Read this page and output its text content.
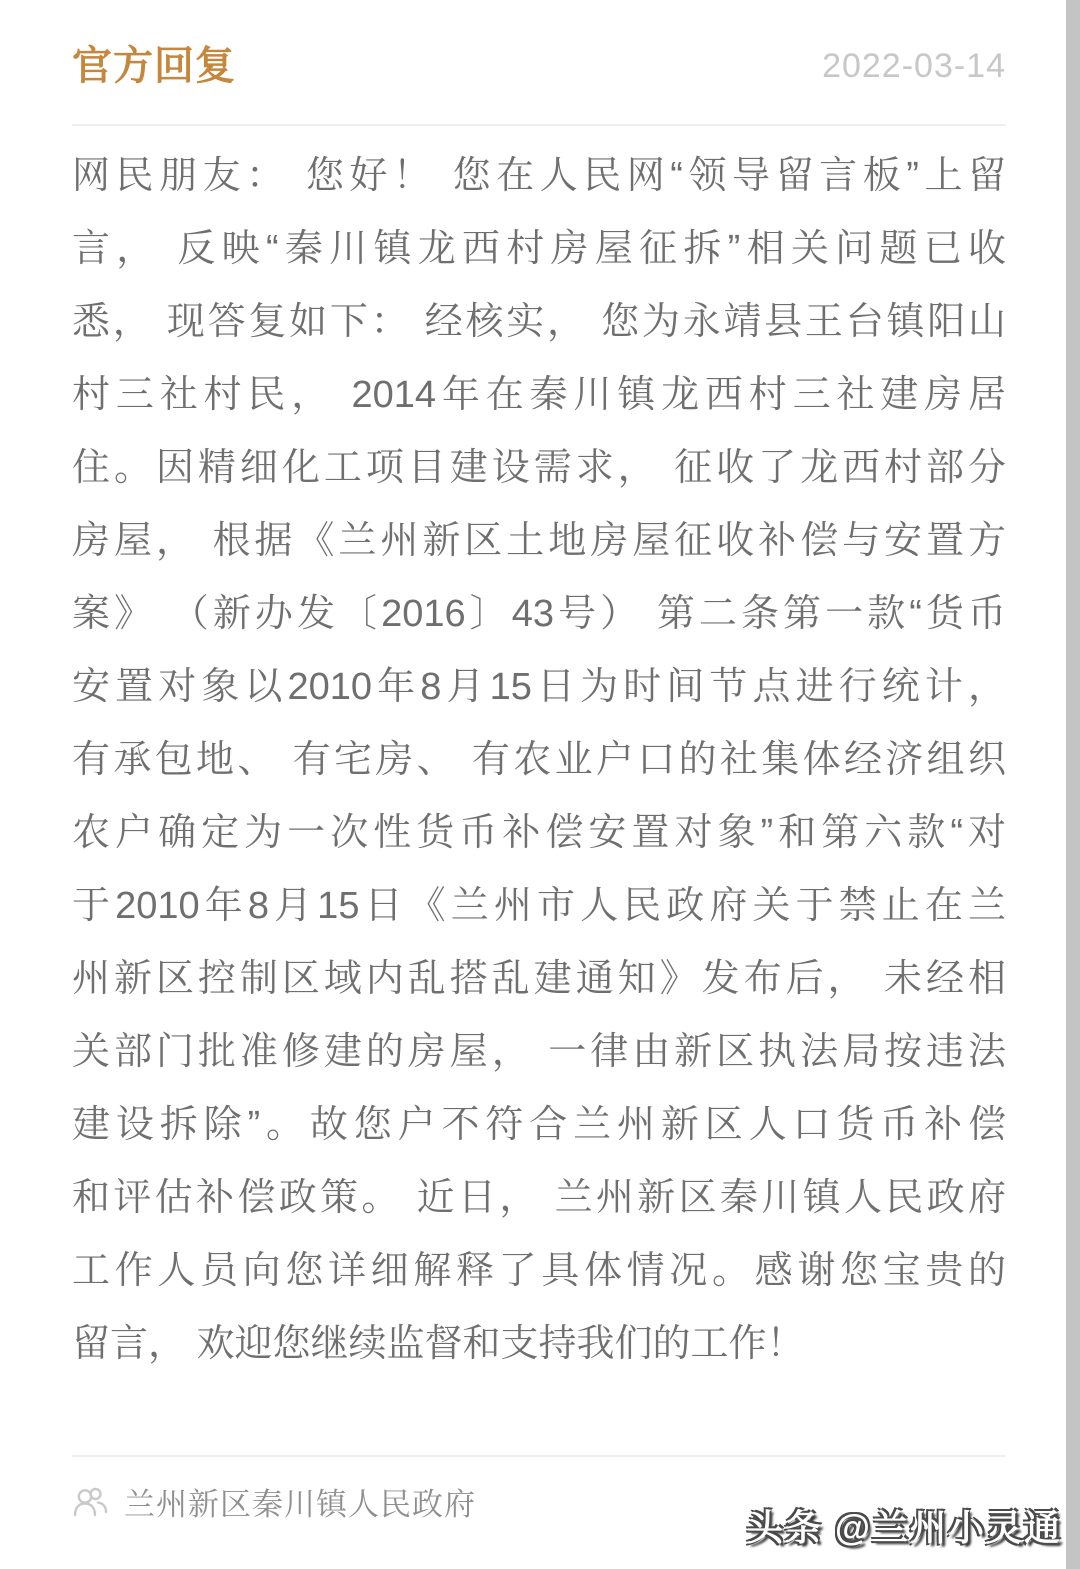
官方回复	2022-03-14
网民朋友： 您好！ 您在人民网“领导留言板”上留
言， 反映“秦川镇龙西村房屋征拆”相关问题已收
悉， 现答复如下： 经核实， 您为永靖县王台镇阳山
村三社村民， 2014年在秦川镇龙西村三社建房居
住。因精细化工项目建设需求， 征收了龙西村部分
房屋， 根据《兰州新区土地房屋征收补偿与安置方
案》 （新办发〔2016〕43号） 第二条第一款“货币
安置对象以2010年8月15日为时间节点进行统计，
有承包地、 有宅房、 有农业户口的社集体经济组织
农户确定为一次性货币补偿安置对象”和第六款“对
于2010年8月15日《兰州市人民政府关于禁止在兰
州新区控制区域内乱搭乱建通知》发布后， 未经相
关部门批准修建的房屋， 一律由新区执法局按违法
建设拆除”。故您户不符合兰州新区人口货币补偿
和评估补偿政策。 近日， 兰州新区秦川镇人民政府
工作人员向您详细解释了具体情况。感谢您宝贵的
留言， 欢迎您继续监督和支持我们的工作！
兰州新区秦川镇人民政府
头条 @兰州小灵通
